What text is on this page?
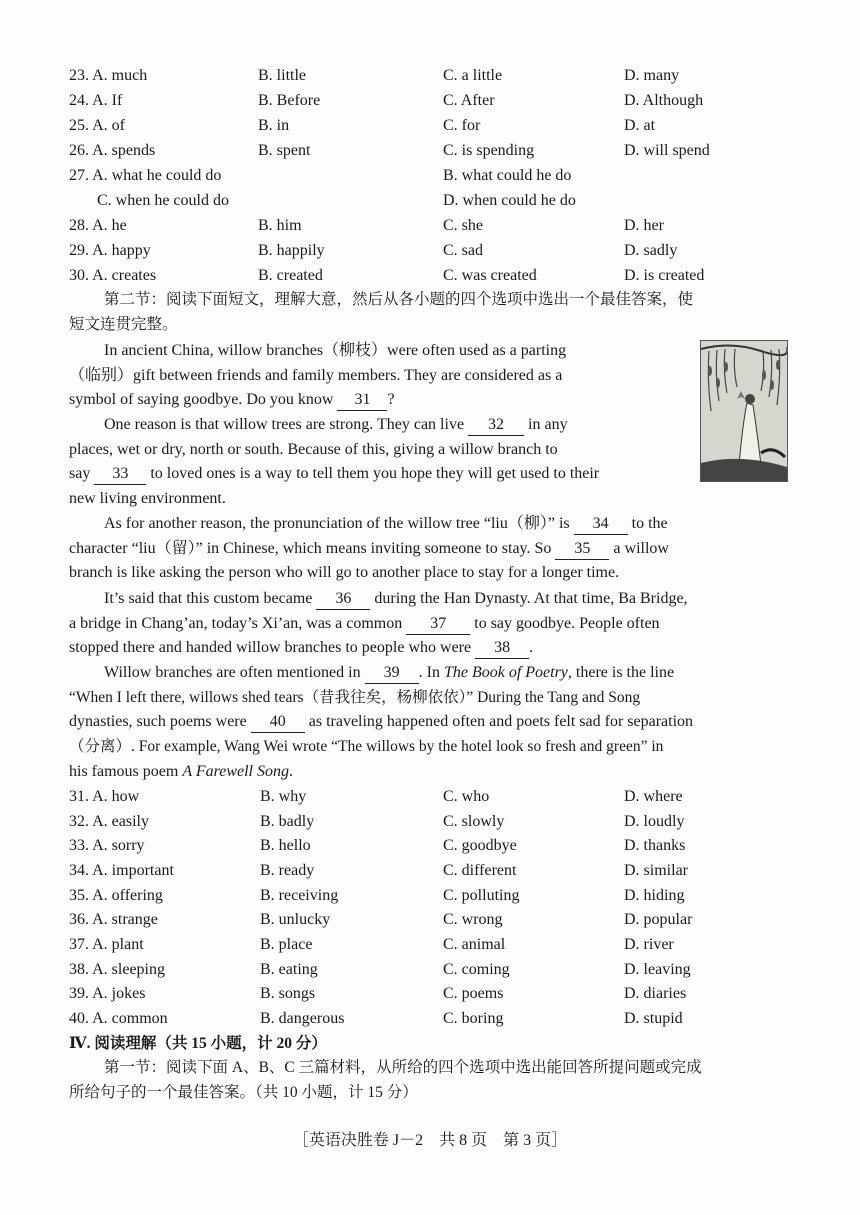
23. A. much	B. little	C. a little	D. many
24. A. If	B. Before	C. After	D. Although
25. A. of	B. in	C. for	D. at
26. A. spends	B. spent	C. is spending	D. will spend
27. A. what he could do	B. what could he do
C. when he could do	D. when could he do
28. A. he	B. him	C. she	D. her
29. A. happy	B. happily	C. sad	D. sadly
30. A. creates	B. created	C. was created	D. is created
第二节：阅读下面短文，理解大意，然后从各小题的四个选项中选出一个最佳答案，使
短文连贯完整。
In ancient China, willow branches（柳枝）were often used as a parting
（临别）gift between friends and family members. They are considered as a
symbol of saying goodbye. Do you know 31 ?
One reason is that willow trees are strong. They can live 32 in any
places, wet or dry, north or south. Because of this, giving a willow branch to
say 33 to loved ones is a way to tell them you hope they will get used to their
new living environment.
As for another reason, the pronunciation of the willow tree “liu（柳）” is 34 to the
character “liu（留）” in Chinese, which means inviting someone to stay. So 35 a willow
branch is like asking the person who will go to another place to stay for a longer time.
It’s said that this custom became 36 during the Han Dynasty. At that time, Ba Bridge,
a bridge in Chang’an, today’s Xi’an, was a common 37 to say goodbye. People often
stopped there and handed willow branches to people who were 38 .
Willow branches are often mentioned in 39 . In The Book of Poetry, there is the line
“When I left there, willows shed tears（昔我往矣，杨柳依依）” During the Tang and Song
dynasties, such poems were 40 as traveling happened often and poets felt sad for separation
（分离）. For example, Wang Wei wrote “The willows by the hotel look so fresh and green” in
his famous poem A Farewell Song.
31. A. how	B. why	C. who	D. where
32. A. easily	B. badly	C. slowly	D. loudly
33. A. sorry	B. hello	C. goodbye	D. thanks
34. A. important	B. ready	C. different	D. similar
35. A. offering	B. receiving	C. polluting	D. hiding
36. A. strange	B. unlucky	C. wrong	D. popular
37. A. plant	B. place	C. animal	D. river
38. A. sleeping	B. eating	C. coming	D. leaving
39. A. jokes	B. songs	C. poems	D. diaries
40. A. common	B. dangerous	C. boring	D. stupid
Ⅳ. 阅读理解（共 15 小题，计 20 分）
第一节：阅读下面 A、B、C 三篇材料，从所给的四个选项中选出能回答所提问题或完成
所给句子的一个最佳答案。（共 10 小题，计 15 分）
［英语决胜卷 J－2　共 8 页　第 3 页］
